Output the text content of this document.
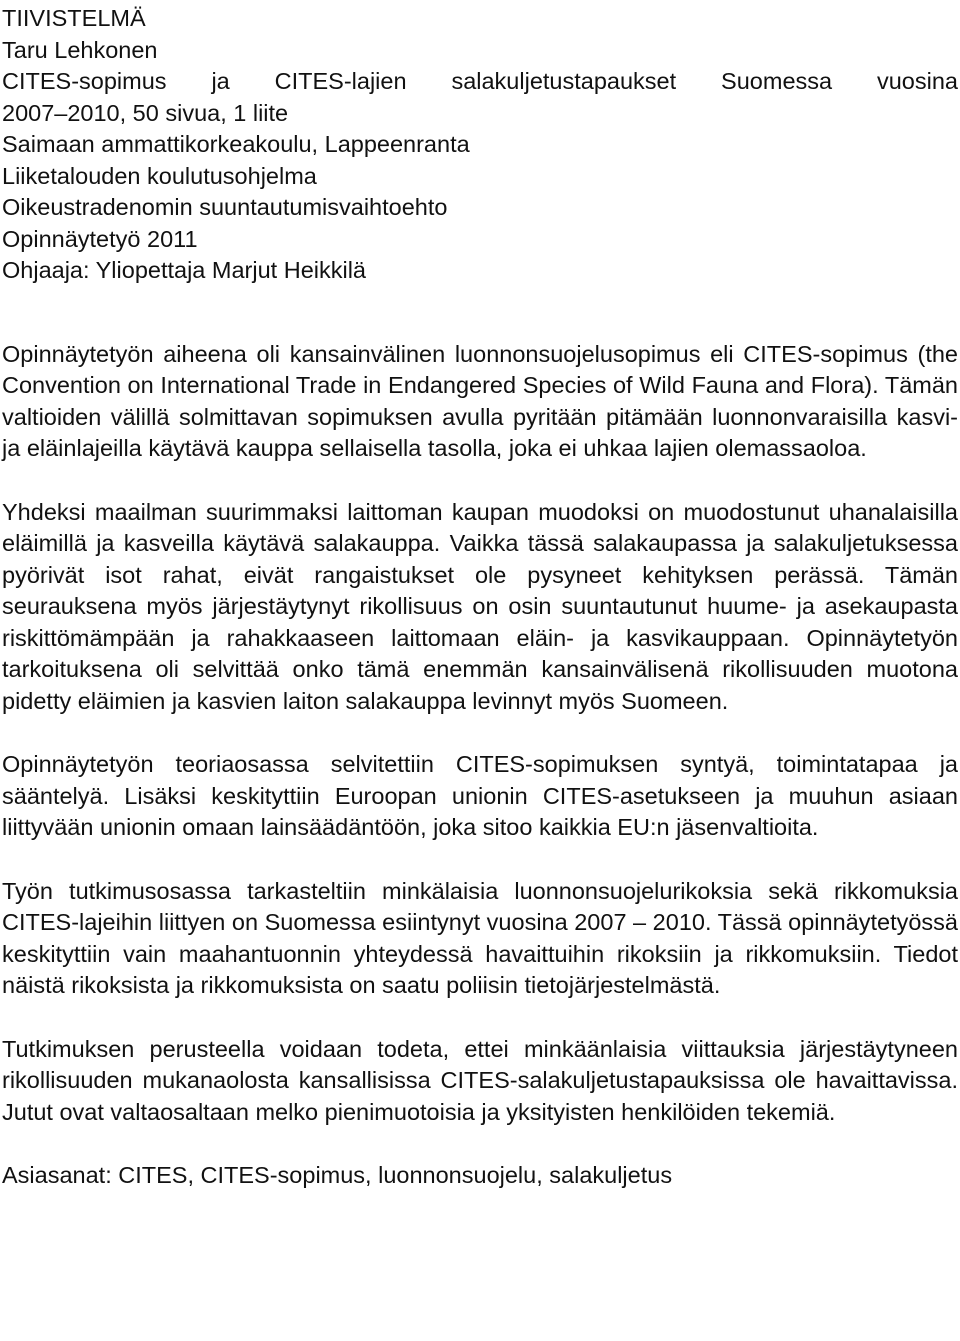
TIIVISTELMÄ
Taru Lehkonen
CITES-sopimus ja CITES-lajien salakuljetustapaukset Suomessa vuosina
2007–2010, 50 sivua, 1 liite
Saimaan ammattikorkeakoulu, Lappeenranta
Liiketalouden koulutusohjelma
Oikeustradenomin suuntautumisvaihtoehto
Opinnäytetyö 2011
Ohjaaja: Yliopettaja Marjut Heikkilä

Opinnäytetyön aiheena oli kansainvälinen luonnonsuojelusopimus eli CITES-sopimus (the Convention on International Trade in Endangered Species of Wild Fauna and Flora). Tämän valtioiden välillä solmittavan sopimuksen avulla pyritään pitämään luonnonvaraisilla kasvi- ja eläinlajeilla käytävä kauppa sellaisella tasolla, joka ei uhkaa lajien olemassaoloa.

Yhdeksi maailman suurimmaksi laittoman kaupan muodoksi on muodostunut uhanalaisilla eläimillä ja kasveilla käytävä salakauppa. Vaikka tässä salakaupassa ja salakuljetuksessa pyörivät isot rahat, eivät rangaistukset ole pysyneet kehityksen perässä. Tämän seurauksena myös järjestäytynyt rikollisuus on osin suuntautunut huume- ja asekaupasta riskittömämpään ja rahakkaaseen laittomaan eläin- ja kasvikauppaan. Opinnäytetyön tarkoituksena oli selvittää onko tämä enemmän kansainvälisenä rikollisuuden muotona pidetty eläimien ja kasvien laiton salakauppa levinnyt myös Suomeen.

Opinnäytetyön teoriaosassa selvitettiin CITES-sopimuksen syntyä, toimintatapaa ja sääntelyä. Lisäksi keskityttiin Euroopan unionin CITES-asetukseen ja muuhun asiaan liittyvään unionin omaan lainsäädäntöön, joka sitoo kaikkia EU:n jäsenvaltioita.

Työn tutkimusosassa tarkasteltiin minkälaisia luonnonsuojelurikoksia sekä rikkomuksia CITES-lajeihin liittyen on Suomessa esiintynyt vuosina 2007 – 2010. Tässä opinnäytetyössä keskityttiin vain maahantuonnin yhteydessä havaittuihin rikoksiin ja rikkomuksiin. Tiedot näistä rikoksista ja rikkomuksista on saatu poliisin tietojärjestelmästä.

Tutkimuksen perusteella voidaan todeta, ettei minkäänlaisia viittauksia järjestäytyneen rikollisuuden mukanaolosta kansallisissa CITES-salakuljetustapauksissa ole havaittavissa. Jutut ovat valtaosaltaan melko pienimuotoisia ja yksityisten henkilöiden tekemiä.

Asiasanat: CITES, CITES-sopimus, luonnonsuojelu, salakuljetus
